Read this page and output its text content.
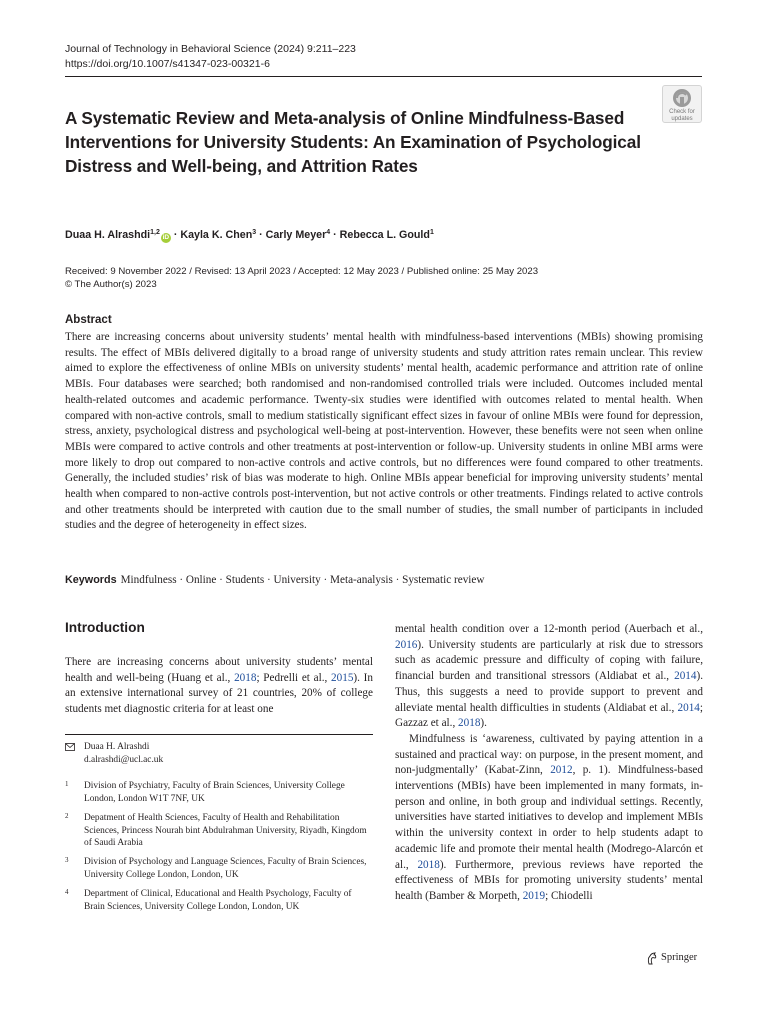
Journal of Technology in Behavioral Science (2024) 9:211–223
https://doi.org/10.1007/s41347-023-00321-6
Check for
updates
A Systematic Review and Meta-analysis of Online Mindfulness-Based Interventions for University Students: An Examination of Psychological Distress and Well-being, and Attrition Rates
Duaa H. Alrashdi$^{1,2}$iD · Kayla K. Chen$^3$ · Carly Meyer$^4$ · Rebecca L. Gould$^1$
Received: 9 November 2022 / Revised: 13 April 2023 / Accepted: 12 May 2023 / Published online: 25 May 2023
© The Author(s) 2023
Abstract
There are increasing concerns about university students’ mental health with mindfulness-based interventions (MBIs) showing promising results. The effect of MBIs delivered digitally to a broad range of university students and study attrition rates remain unclear. This review aimed to explore the effectiveness of online MBIs on university students’ mental health, academic performance and attrition rate of online MBIs. Four databases were searched; both randomised and non-randomised controlled trials were included. Outcomes included mental health-related outcomes and academic performance. Twenty-six studies were identified with outcomes related to mental health. When compared with non-active controls, small to medium statistically significant effect sizes in favour of online MBIs were found for depression, stress, anxiety, psychological distress and psychological well-being at post-intervention. However, these benefits were not seen when online MBIs were compared to active controls and other treatments at post-intervention or follow-up. University students in online MBI arms were more likely to drop out compared to non-active controls and active controls, but no differences were found compared to other treatments. Generally, the included studies’ risk of bias was moderate to high. Online MBIs appear beneficial for improving university students’ mental health when compared to non-active controls post-intervention, but not active controls or other treatments. Findings related to active controls and other treatments should be interpreted with caution due to the small number of studies, the small number of participants in included studies and the degree of heterogeneity in effect sizes.
Keywords Mindfulness · Online · Students · University · Meta-analysis · Systematic review
Introduction

There are increasing concerns about university students’ mental health and well-being (Huang et al., 2018; Pedrelli et al., 2015). In an extensive international survey of 21 countries, 20% of college students met diagnostic criteria for at least one

mental health condition over a 12-month period (Auerbach et al., 2016). University students are particularly at risk due to stressors such as academic pressure and difficulty of coping with failure, financial burden and transitional stressors (Aldiabat et al., 2014). Thus, this suggests a need to provide support to prevent and alleviate mental health difficulties in students (Aldiabat et al., 2014; Gazzaz et al., 2018).

Mindfulness is ‘awareness, cultivated by paying attention in a sustained and practical way: on purpose, in the present moment, and non-judgmentally’ (Kabat-Zinn, 2012, p. 1). Mindfulness-based interventions (MBIs) have been implemented in many formats, in-person and online, in both group and individual settings. Recently, universities have started initiatives to develop and implement MBIs within the university context in order to help students adapt to academic life and promote their mental health (Modrego-Alarcón et al., 2018). Furthermore, previous reviews have reported the effectiveness of MBIs for promoting university students’ mental health (Bamber & Morpeth, 2019; Chiodelli

Duaa H. Alrashdi
d.alrashdi@ucl.ac.uk
1 Division of Psychiatry, Faculty of Brain Sciences, University College London, London W1T 7NF, UK
2 Depatment of Health Sciences, Faculty of Health and Rehabilitation Sciences, Princess Nourah bint Abdulrahman University, Riyadh, Kingdom of Saudi Arabia
3 Division of Psychology and Language Sciences, Faculty of Brain Sciences, University College London, London, UK
4 Department of Clinical, Educational and Health Psychology, Faculty of Brain Sciences, University College London, London, UK
Springer
